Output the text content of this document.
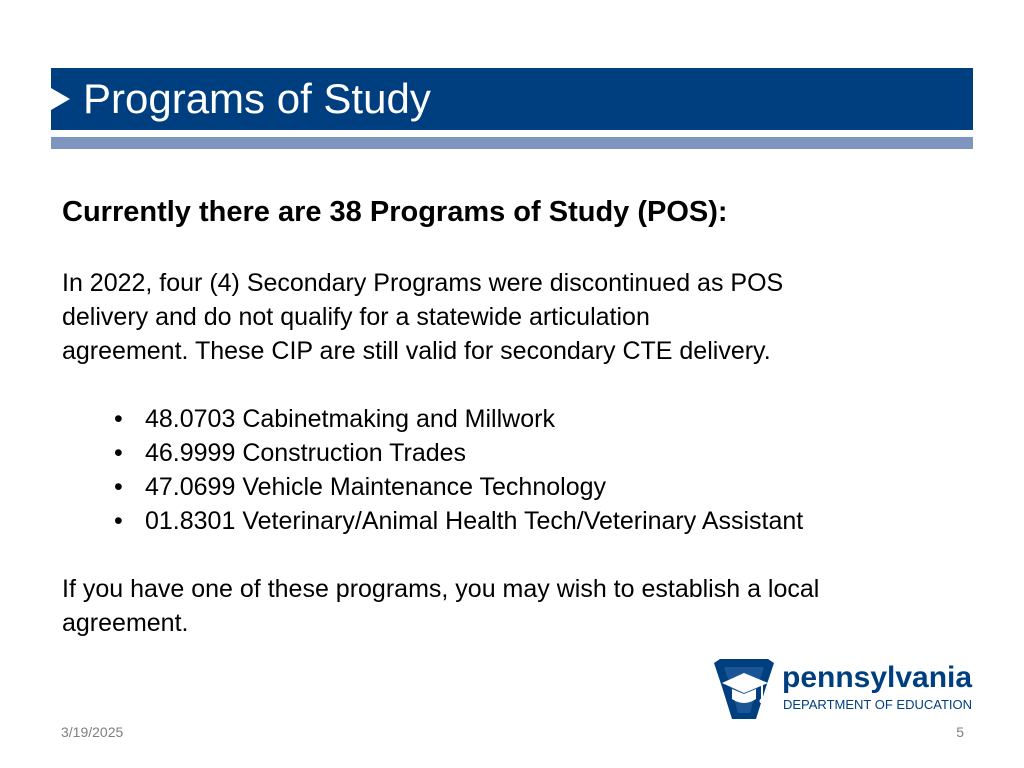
Programs of Study

Currently there are 38 Programs of Study (POS):

In 2022, four (4) Secondary Programs were discontinued as POS
delivery and do not qualify for a statewide articulation
agreement. These CIP are still valid for secondary CTE delivery.

• 48.0703 Cabinetmaking and Millwork
• 46.9999 Construction Trades
• 47.0699 Vehicle Maintenance Technology
• 01.8301 Veterinary/Animal Health Tech/Veterinary Assistant

If you have one of these programs, you may wish to establish a local
agreement.

pennsylvania
DEPARTMENT OF EDUCATION
3/19/2025	5
